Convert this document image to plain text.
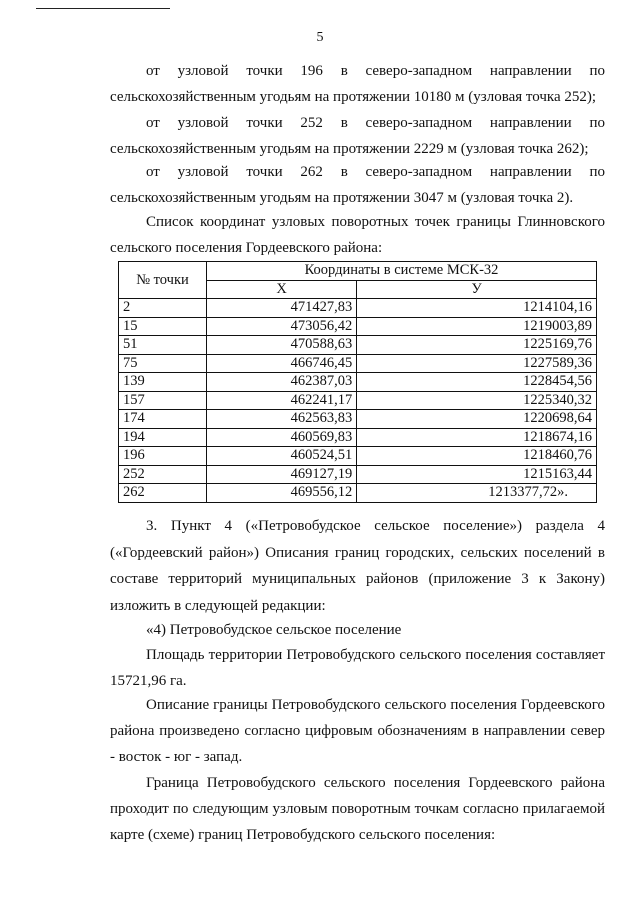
5
от узловой точки 196 в северо-западном направлении по
сельскохозяйственным угодьям на протяжении 10180 м (узловая точка 252);
от узловой точки 252 в северо-западном направлении по
сельскохозяйственным угодьям на протяжении 2229 м (узловая точка 262);
от узловой точки 262 в северо-западном направлении по
сельскохозяйственным угодьям на протяжении 3047 м (узловая точка 2).
Список координат узловых поворотных точек границы Глинновского
сельского поселения Гордеевского района:
№ точки	Координаты в системе МСК-32	
	Х	У
2	471427,83	1214104,16
15	473056,42	1219003,89
51	470588,63	1225169,76
75	466746,45	1227589,36
139	462387,03	1228454,56
157	462241,17	1225340,32
174	462563,83	1220698,64
194	460569,83	1218674,16
196	460524,51	1218460,76
252	469127,19	1215163,44
262	469556,12	1213377,72».
3. Пункт 4 («Петровобудское сельское поселение») раздела 4 («Гордеевский район») Описания границ городских, сельских поселений в составе территорий муниципальных районов (приложение 3 к Закону) изложить в следующей редакции:
«4) Петровобудское сельское поселение
Площадь территории Петровобудского сельского поселения составляет 15721,96 га.
Описание границы Петровобудского сельского поселения Гордеевского района произведено согласно цифровым обозначениям в направлении север - восток - юг - запад.
Граница Петровобудского сельского поселения Гордеевского района проходит по следующим узловым поворотным точкам согласно прилагаемой карте (схеме) границ Петровобудского сельского поселения:
